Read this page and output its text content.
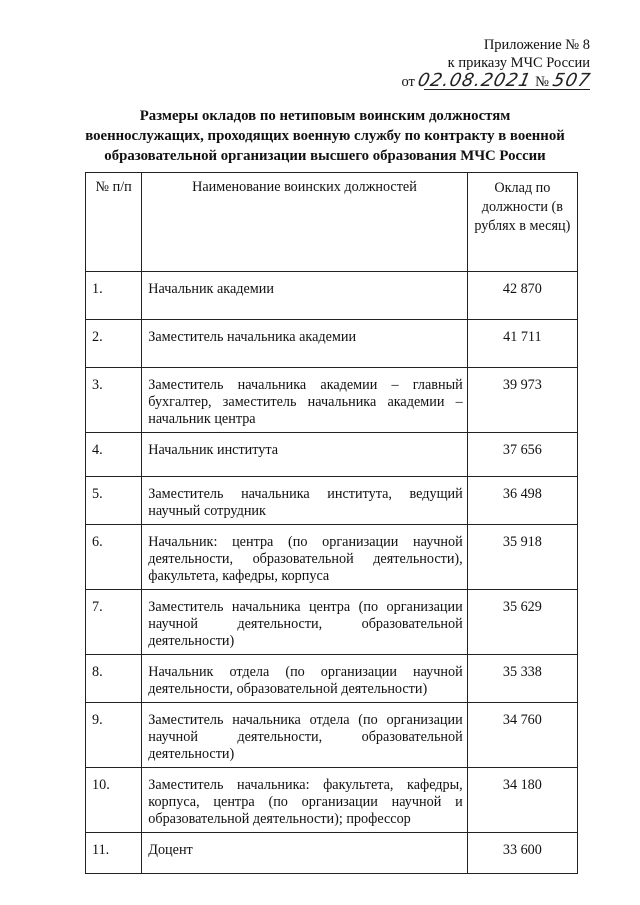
Приложение № 8
к приказу МЧС России
от 02.08.2021 № 507
Размеры окладов по нетиповым воинским должностям
военнослужащих, проходящих военную службу по контракту в военной
образовательной организации высшего образования МЧС России
№ п/п	Наименование воинских должностей	Оклад по должности (в рублях в месяц)
1.	Начальник академии	42 870
2.	Заместитель начальника академии	41 711
3.	Заместитель начальника академии – главный бухгалтер, заместитель начальника академии – начальник центра	39 973
4.	Начальник института	37 656
5.	Заместитель начальника института, ведущий научный сотрудник	36 498
6.	Начальник: центра (по организации научной деятельности, образовательной деятельности), факультета, кафедры, корпуса	35 918
7.	Заместитель начальника центра (по организации научной деятельности, образовательной деятельности)	35 629
8.	Начальник отдела (по организации научной деятельности, образовательной деятельности)	35 338
9.	Заместитель начальника отдела (по организации научной деятельности, образовательной деятельности)	34 760
10.	Заместитель начальника: факультета, кафедры, корпуса, центра (по организации научной и образовательной деятельности); профессор	34 180
11.	Доцент	33 600
